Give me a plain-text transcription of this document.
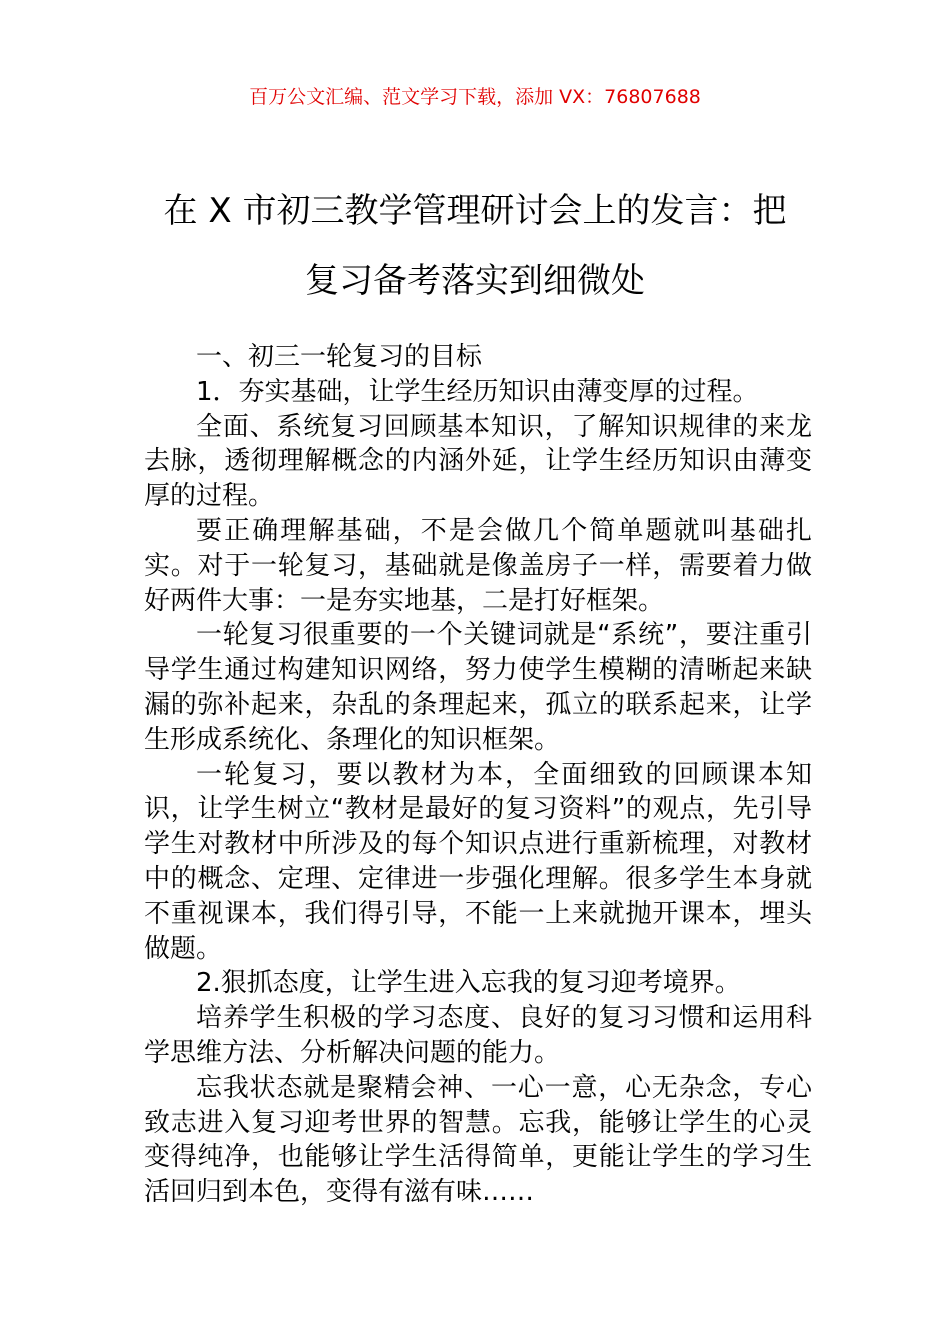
百万公文汇编、范文学习下载，添加 VX：76807688
在 X 市初三教学管理研讨会上的发言：把
复习备考落实到细微处

一、初三一轮复习的目标

1．夯实基础，让学生经历知识由薄变厚的过程。

全面、系统复习回顾基本知识，了解知识规律的来龙去脉，透彻理解概念的内涵外延，让学生经历知识由薄变厚的过程。

要正确理解基础，不是会做几个简单题就叫基础扎实。对于一轮复习，基础就是像盖房子一样，需要着力做好两件大事：一是夯实地基，二是打好框架。

一轮复习很重要的一个关键词就是“系统”，要注重引导学生通过构建知识网络，努力使学生模糊的清晰起来缺漏的弥补起来，杂乱的条理起来，孤立的联系起来，让学生形成系统化、条理化的知识框架。

一轮复习，要以教材为本，全面细致的回顾课本知识，让学生树立“教材是最好的复习资料”的观点，先引导学生对教材中所涉及的每个知识点进行重新梳理，对教材中的概念、定理、定律进一步强化理解。很多学生本身就不重视课本，我们得引导，不能一上来就抛开课本，埋头做题。

2.狠抓态度，让学生进入忘我的复习迎考境界。

培养学生积极的学习态度、良好的复习习惯和运用科学思维方法、分析解决问题的能力。

忘我状态就是聚精会神、一心一意，心无杂念，专心致志进入复习迎考世界的智慧。忘我，能够让学生的心灵变得纯净，也能够让学生活得简单，更能让学生的学习生活回归到本色，变得有滋有味……
